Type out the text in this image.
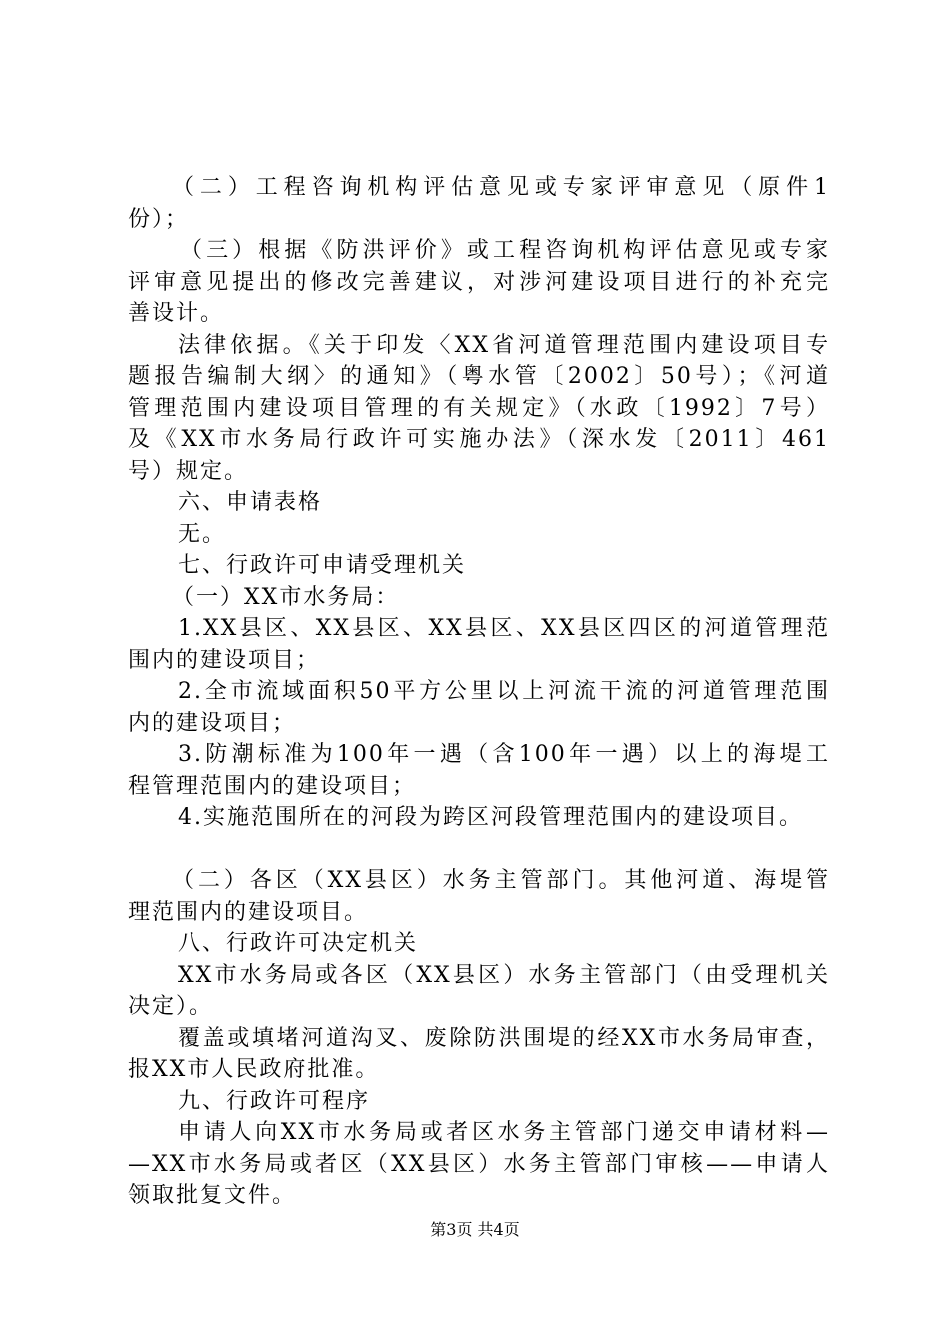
（二）工程咨询机构评估意见或专家评审意见（原件1
份）；
（三）根据《防洪评价》或工程咨询机构评估意见或专家
评审意见提出的修改完善建议，对涉河建设项目进行的补充完
善设计。
法律依据。《关于印发〈XX省河道管理范围内建设项目专
题报告编制大纲〉的通知》（粤水管〔2002〕50号）；《河道
管理范围内建设项目管理的有关规定》（水政〔1992〕7号）
及《XX市水务局行政许可实施办法》（深水发〔2011〕461
号）规定。
六、申请表格
无。
七、行政许可申请受理机关
（一）XX市水务局：
1.XX县区、XX县区、XX县区、XX县区四区的河道管理范
围内的建设项目；
2.全市流域面积50平方公里以上河流干流的河道管理范围
内的建设项目；
3.防潮标准为100年一遇（含100年一遇）以上的海堤工
程管理范围内的建设项目；
4.实施范围所在的河段为跨区河段管理范围内的建设项目。
（二）各区（XX县区）水务主管部门。其他河道、海堤管
理范围内的建设项目。
八、行政许可决定机关
XX市水务局或各区（XX县区）水务主管部门（由受理机关
决定）。
覆盖或填堵河道沟叉、废除防洪围堤的经XX市水务局审查，
报XX市人民政府批准。
九、行政许可程序
申请人向XX市水务局或者区水务主管部门递交申请材料—
—XX市水务局或者区（XX县区）水务主管部门审核——申请人
领取批复文件。
第3页 共4页
